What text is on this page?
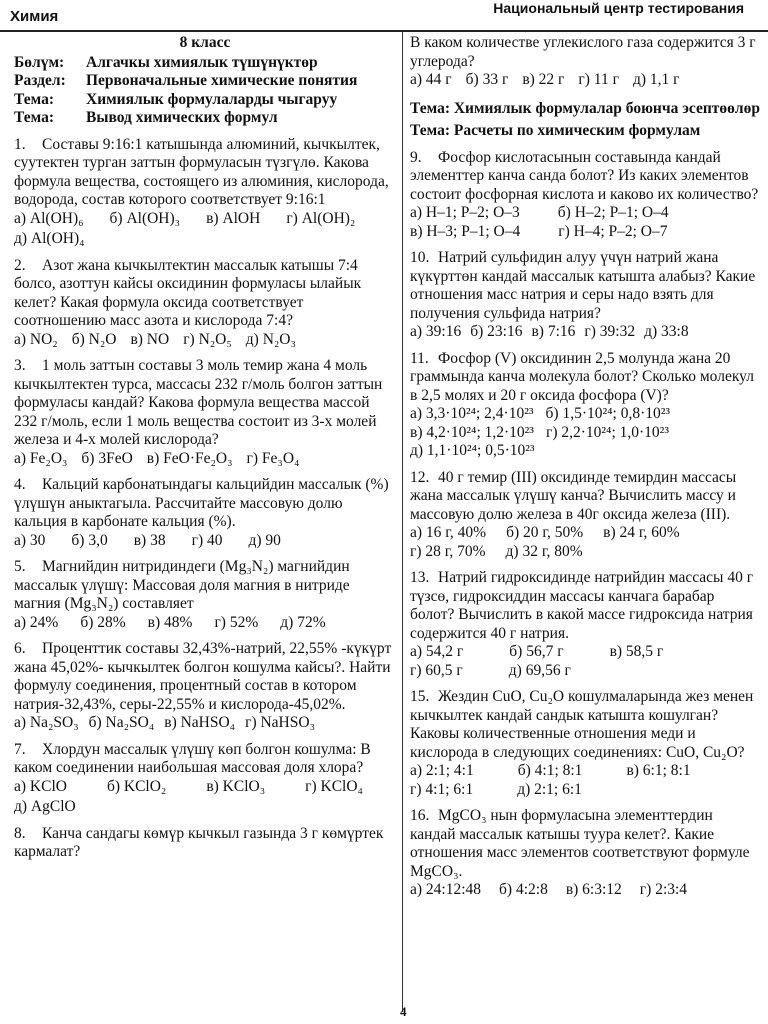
Химия	Национальный центр тестирования
8 класс
Бөлүм: Алгачкы химиялык түшүнүктөр
Раздел: Первоначальные химические понятия
Тема: Химиялык формулаларды чыгаруу
Тема: Вывод химических формул

1. Составы 9:16:1 катышында алюминий, кычкылтек, суутектен турган заттын формуласын түзгүлө. Какова формула вещества, состоящего из алюминия, кислорода, водорода, состав которого соответствует 9:16:1

а) Al(OH)₆ б) Al(OH)₃ в) AlOH г) Al(OH)₂
д) Al(OH)₄

2. Азот жана кычкылтектин массалык катышы 7:4 болсо, азоттун кайсы оксидинин формуласы ылайык келет? Какая формула оксида соответствует соотношению масс азота и кислорода 7:4?

а) NO₂ б) N₂O в) NO г) N₂O₅ д) N₂O₃

3. 1 моль заттын составы 3 моль темир жана 4 моль кычкылтектен турса, массасы 232 г/моль болгон заттын формуласы кандай? Какова формула вещества массой 232 г/моль, если 1 моль вещества состоит из 3-х молей железа и 4-х молей кислорода?

а) Fe₂O₃ б) 3FeO в) FeO·Fe₂O₃ г) Fe₃O₄

4. Кальций карбонатындагы кальцийдин массалык (%) үлүшүн аныктагыла. Рассчитайте массовую долю кальция в карбонате кальция (%).

а) 30 б) 3,0 в) 38 г) 40 д) 90

5. Магнийдин нитридиндеги (Mg₃N₂) магнийдин массалык үлүшү: Массовая доля магния в нитриде магния (Mg₃N₂) составляет

а) 24% б) 28% в) 48% г) 52% д) 72%

6. Проценттик составы 32,43%-натрий, 22,55% -күкүрт жана 45,02%- кычкылтек болгон кошулма кайсы?. Найти формулу соединения, процентный состав в котором натрия-32,43%, серы-22,55% и кислорода-45,02%.

а) Na₂SO₃ б) Na₂SO₄ в) NaHSO₄ г) NaHSO₃

7. Хлордун массалык үлүшү көп болгон кошулма: В каком соединении наибольшая массовая доля хлора?

а) KClO	б) KClO₂	в) KClO₃	г) KClO₄
д) AgClO

8. Канча сандагы көмүр кычкыл газында 3 г көмүртек кармалат?

В каком количестве углекислого газа содержится 3 г углерода?

а) 44 г б) 33 г в) 22 г г) 11 г д) 1,1 г
Тема: Химиялык формулалар боюнча эсептөөлөр
Тема: Расчеты по химическим формулам

9. Фосфор кислотасынын составында кандай элементтер канча санда болот? Из каких элементов состоит фосфорная кислота и каково их количество?

а) H–1; P–2; O–3 б) H–2; P–1; O–4
в) H–3; P–1; O–4 г) H–4; P–2; O–7

10. Натрий сульфидин алуу үчүн натрий жана күкүрттөн кандай массалык катышта алабыз? Какие отношения масс натрия и серы надо взять для получения сульфида натрия?

а) 39:16 б) 23:16 в) 7:16 г) 39:32 д) 33:8

11. Фосфор (V) оксидинин 2,5 молунда жана 20 граммында канча молекула болот? Сколько молекул в 2,5 молях и 20 г оксида фосфора (V)?

а) 3,3·10²⁴; 2,4·10²³ б) 1,5·10²⁴; 0,8·10²³
в) 4,2·10²⁴; 1,2·10²³ г) 2,2·10²⁴; 1,0·10²³
д) 1,1·10²⁴; 0,5·10²³

12. 40 г темир (III) оксидинде темирдин массасы жана массалык үлүшү канча? Вычислить массу и массовую долю железа в 40г оксида железа (III).

а) 16 г, 40% б) 20 г, 50% в) 24 г, 60%
г) 28 г, 70% д) 32 г, 80%

13. Натрий гидроксидинде натрийдин массасы 40 г түзсө, гидроксиддин массасы канчага барабар болот? Вычислить в какой массе гидроксида натрия содержится 40 г натрия.

а) 54,2 г	б) 56,7 г	в) 58,5 г
г) 60,5 г	д) 69,56 г

15. Жездин CuO, Cu₂O кошулмаларында жез менен кычкылтек кандай сандык катышта кошулган? Каковы количественные отношения меди и кислорода в следующих соединениях: CuO, Cu₂O?

а) 2:1; 4:1	б) 4:1; 8:1	в) 6:1; 8:1
г) 4:1; 6:1	д) 2:1; 6:1

16. MgCO₃ нын формуласына элементтердин кандай массалык катышы туура келет?. Какие отношения масс элементов соответствуют формуле MgCO₃.

а) 24:12:48 б) 4:2:8 в) 6:3:12 г) 2:3:4
4
